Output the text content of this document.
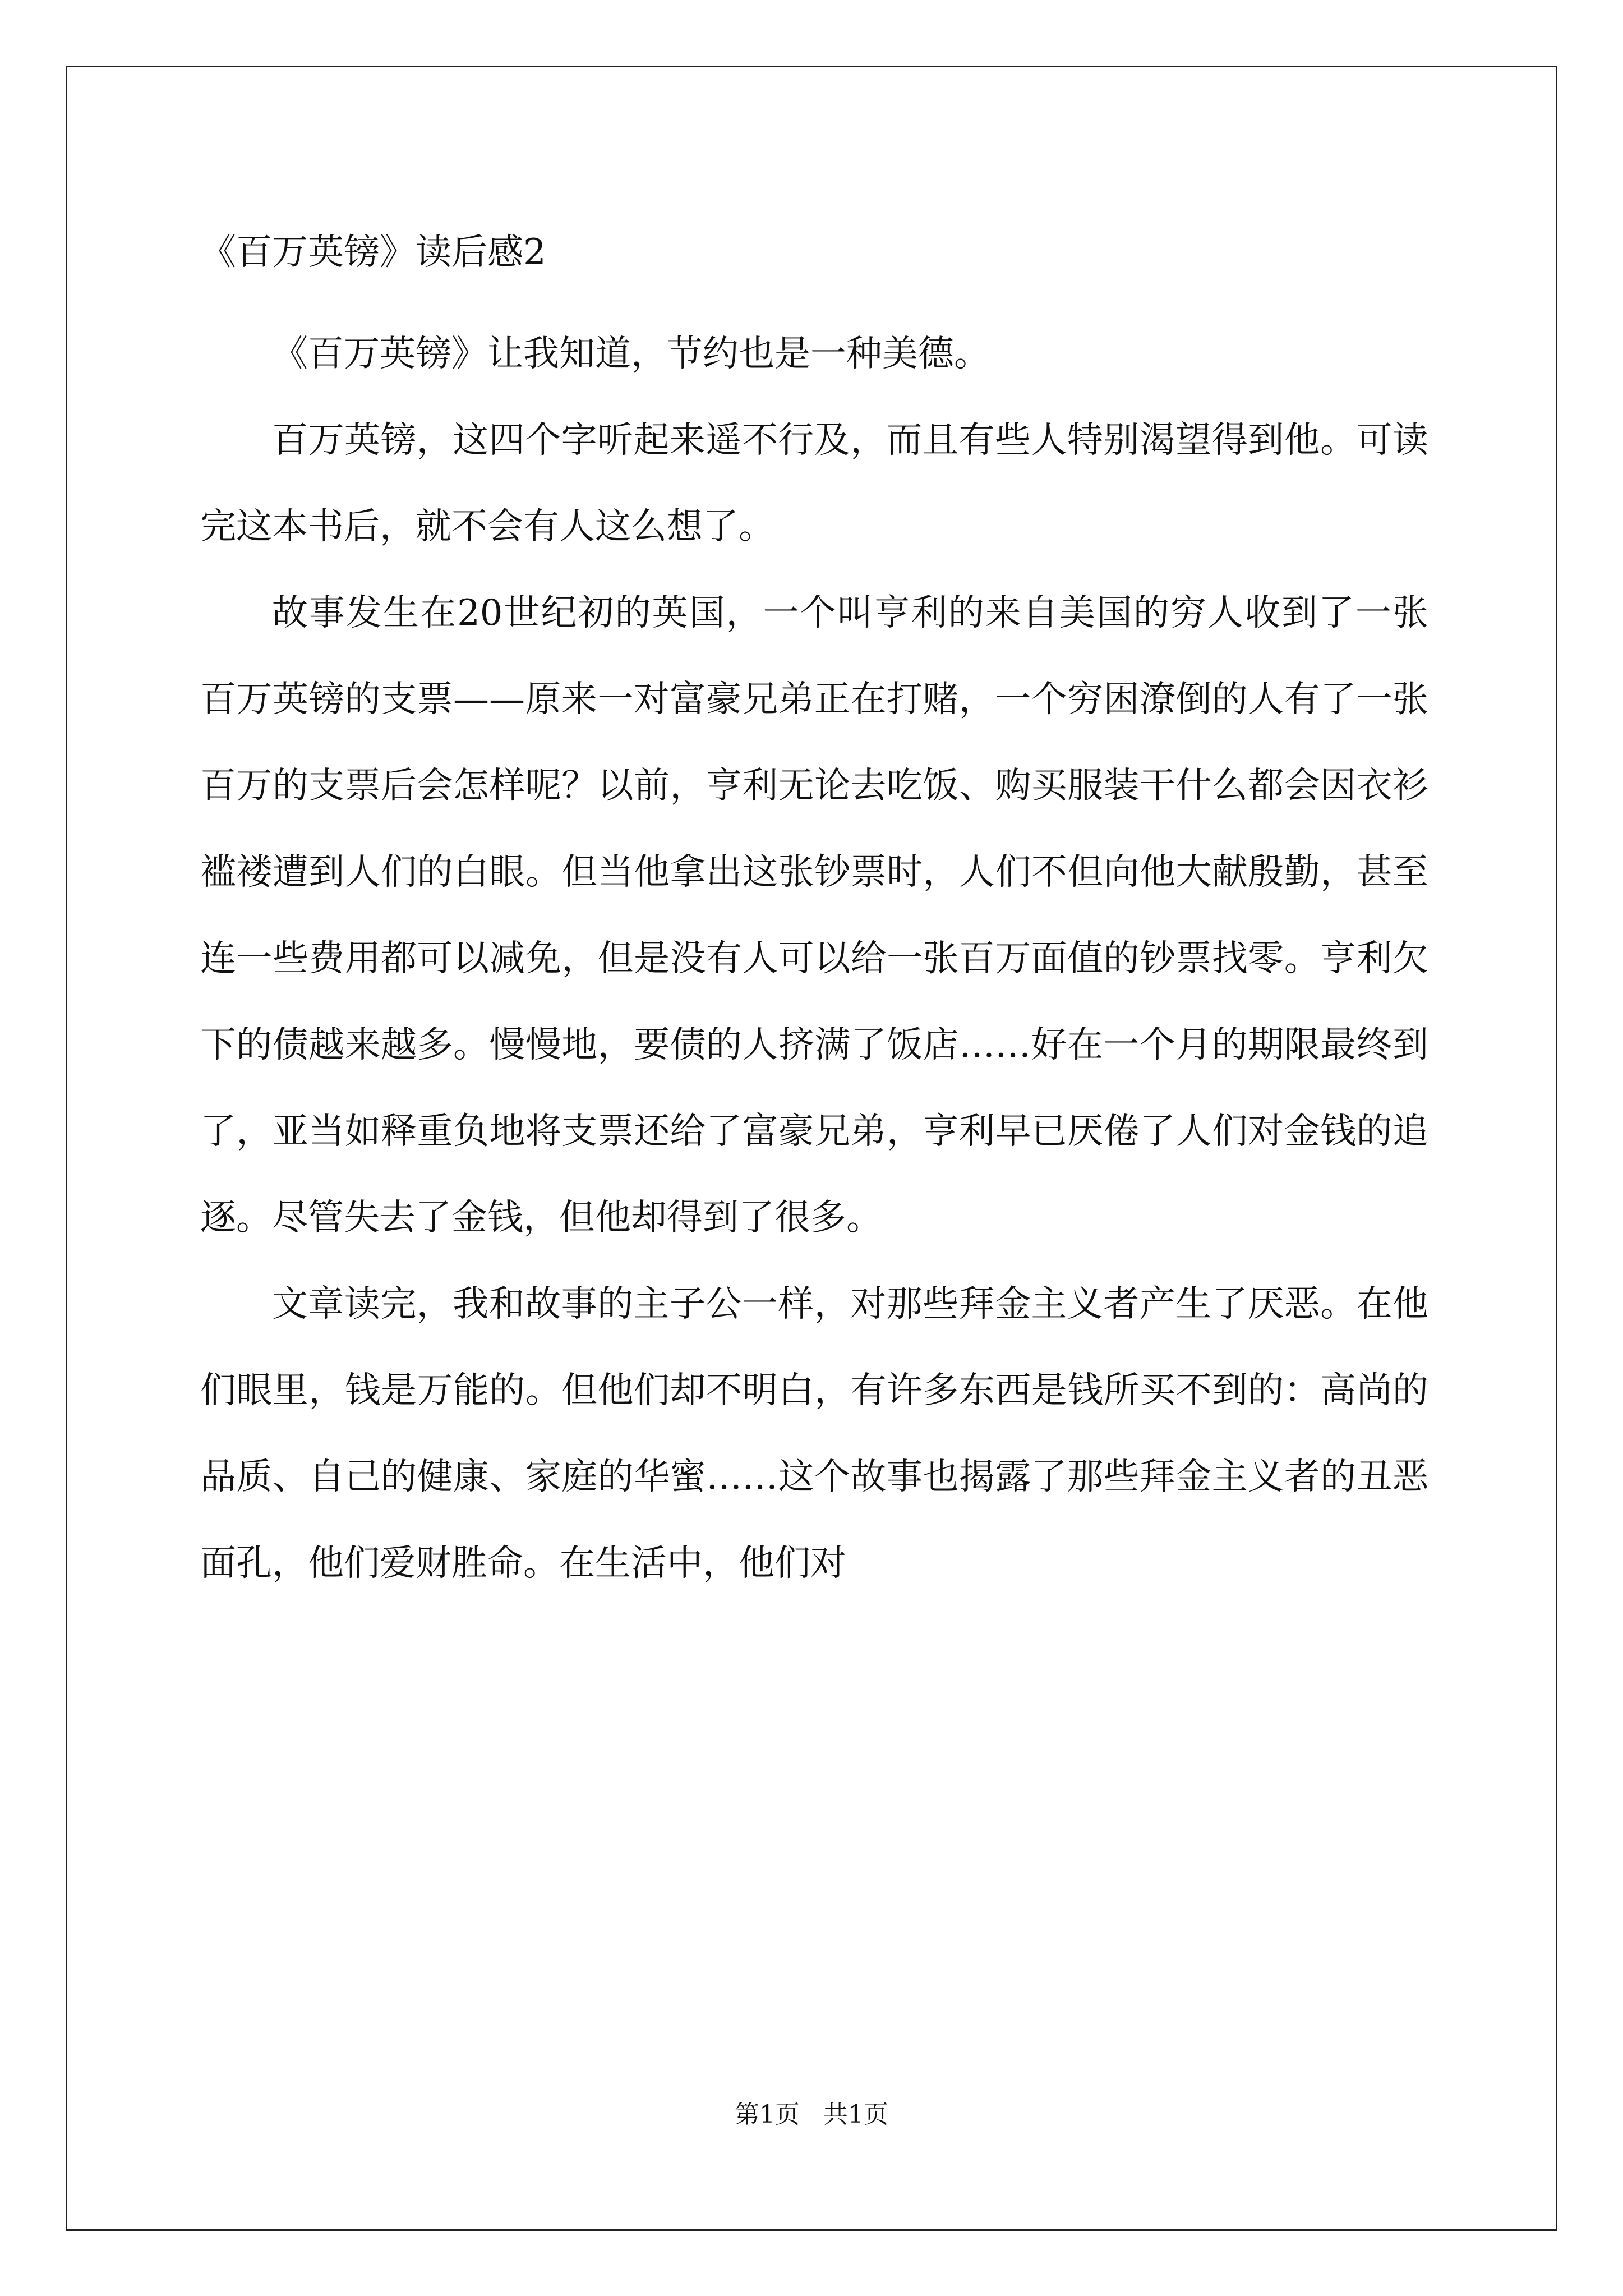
《百万英镑》读后感2

《百万英镑》让我知道，节约也是一种美德。

百万英镑，这四个字听起来遥不行及，而且有些人特别渴望得到他。可读完这本书后，就不会有人这么想了。

故事发生在20世纪初的英国，一个叫亨利的来自美国的穷人收到了一张百万英镑的支票——原来一对富豪兄弟正在打赌，一个穷困潦倒的人有了一张百万的支票后会怎样呢？以前，亨利无论去吃饭、购买服装干什么都会因衣衫褴褛遭到人们的白眼。但当他拿出这张钞票时，人们不但向他大献殷勤，甚至连一些费用都可以减免，但是没有人可以给一张百万面值的钞票找零。亨利欠下的债越来越多。慢慢地，要债的人挤满了饭店……好在一个月的期限最终到了，亚当如释重负地将支票还给了富豪兄弟，亨利早已厌倦了人们对金钱的追逐。尽管失去了金钱，但他却得到了很多。

文章读完，我和故事的主子公一样，对那些拜金主义者产生了厌恶。在他们眼里，钱是万能的。但他们却不明白，有许多东西是钱所买不到的：高尚的品质、自己的健康、家庭的华蜜……这个故事也揭露了那些拜金主义者的丑恶面孔，他们爱财胜命。在生活中，他们对

第1页   共1页
